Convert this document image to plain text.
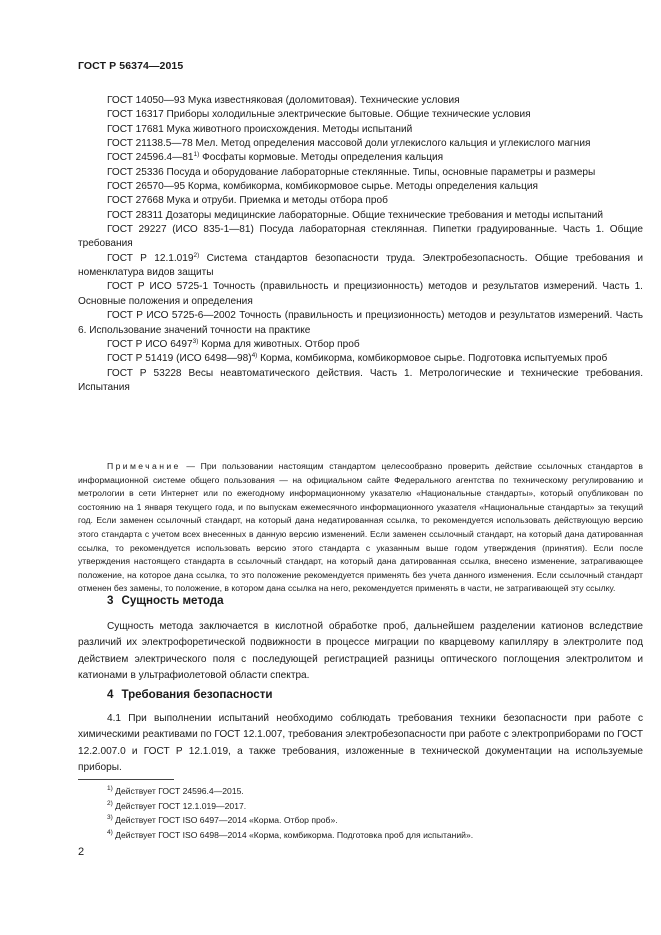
ГОСТ Р 56374—2015

ГОСТ 14050—93 Мука известняковая (доломитовая). Технические условия

ГОСТ 16317 Приборы холодильные электрические бытовые. Общие технические условия

ГОСТ 17681 Мука животного происхождения. Методы испытаний

ГОСТ 21138.5—78 Мел. Метод определения массовой доли углекислого кальция и углекислого магния

ГОСТ 24596.4—81$^{1)}$ Фосфаты кормовые. Методы определения кальция

ГОСТ 25336 Посуда и оборудование лабораторные стеклянные. Типы, основные параметры и размеры

ГОСТ 26570—95 Корма, комбикорма, комбикормовое сырье. Методы определения кальция

ГОСТ 27668 Мука и отруби. Приемка и методы отбора проб

ГОСТ 28311 Дозаторы медицинские лабораторные. Общие технические требования и методы испытаний

ГОСТ 29227 (ИСО 835-1—81) Посуда лабораторная стеклянная. Пипетки градуированные. Часть 1. Общие требования

ГОСТ Р 12.1.019$^{2)}$ Система стандартов безопасности труда. Электробезопасность. Общие требования и номенклатура видов защиты

ГОСТ Р ИСО 5725-1 Точность (правильность и прецизионность) методов и результатов измерений. Часть 1. Основные положения и определения

ГОСТ Р ИСО 5725-6—2002 Точность (правильность и прецизионность) методов и результатов измерений. Часть 6. Использование значений точности на практике

ГОСТ Р ИСО 6497$^{3)}$ Корма для животных. Отбор проб

ГОСТ Р 51419 (ИСО 6498—98)$^{4)}$ Корма, комбикорма, комбикормовое сырье. Подготовка испытуемых проб

ГОСТ Р 53228 Весы неавтоматического действия. Часть 1. Метрологические и технические требования. Испытания

Примечание — При пользовании настоящим стандартом целесообразно проверить действие ссылочных стандартов в информационной системе общего пользования — на официальном сайте Федерального агентства по техническому регулированию и метрологии в сети Интернет или по ежегодному информационному указателю «Национальные стандарты», который опубликован по состоянию на 1 января текущего года, и по выпускам ежемесячного информационного указателя «Национальные стандарты» за текущий год. Если заменен ссылочный стандарт, на который дана недатированная ссылка, то рекомендуется использовать действующую версию этого стандарта с учетом всех внесенных в данную версию изменений. Если заменен ссылочный стандарт, на который дана датированная ссылка, то рекомендуется использовать версию этого стандарта с указанным выше годом утверждения (принятия). Если после утверждения настоящего стандарта в ссылочный стандарт, на который дана датированная ссылка, внесено изменение, затрагивающее положение, на которое дана ссылка, то это положение рекомендуется применять без учета данного изменения. Если ссылочный стандарт отменен без замены, то положение, в котором дана ссылка на него, рекомендуется применять в части, не затрагивающей эту ссылку.

3 Сущность метода

Сущность метода заключается в кислотной обработке проб, дальнейшем разделении катионов вследствие различий их электрофоретической подвижности в процессе миграции по кварцевому капилляру в электролите под действием электрического поля с последующей регистрацией разницы оптического поглощения электролитом и катионами в ультрафиолетовой области спектра.

4 Требования безопасности

4.1 При выполнении испытаний необходимо соблюдать требования техники безопасности при работе с химическими реактивами по ГОСТ 12.1.007, требования электробезопасности при работе с электроприборами по ГОСТ 12.2.007.0 и ГОСТ Р 12.1.019, а также требования, изложенные в технической документации на используемые приборы.

$^{1)}$ Действует ГОСТ 24596.4—2015.

$^{2)}$ Действует ГОСТ 12.1.019—2017.

$^{3)}$ Действует ГОСТ ISO 6497—2014 «Корма. Отбор проб».

$^{4)}$ Действует ГОСТ ISO 6498—2014 «Корма, комбикорма. Подготовка проб для испытаний».

2
